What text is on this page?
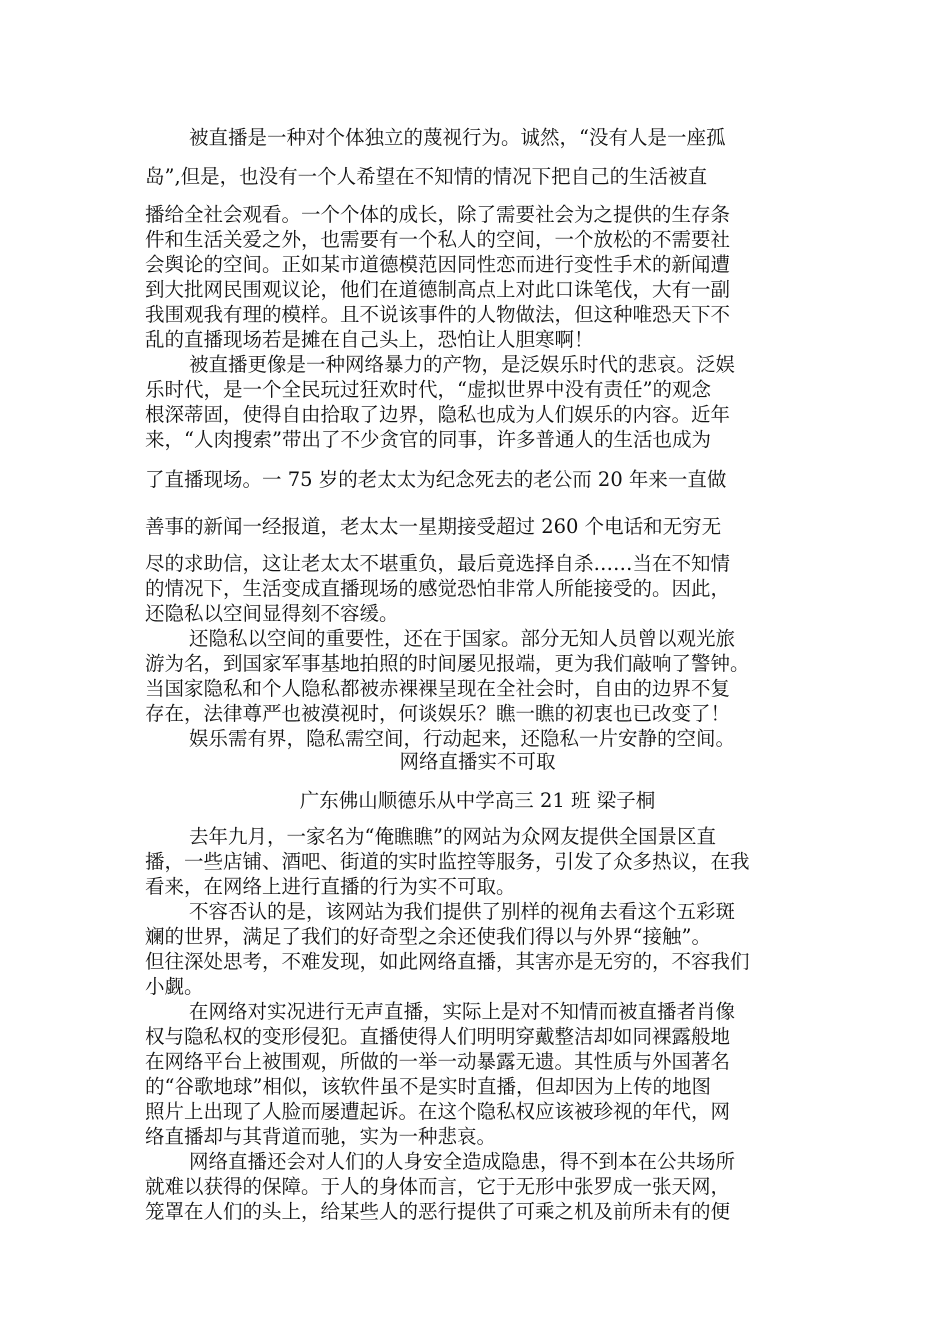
被直播是一种对个体独立的蔑视行为。诚然，“没有人是一座孤
岛”,但是，也没有一个人希望在不知情的情况下把自己的生活被直
播给全社会观看。一个个体的成长，除了需要社会为之提供的生存条
件和生活关爱之外，也需要有一个私人的空间，一个放松的不需要社
会舆论的空间。正如某市道德模范因同性恋而进行变性手术的新闻遭
到大批网民围观议论，他们在道德制高点上对此口诛笔伐，大有一副
我围观我有理的模样。且不说该事件的人物做法，但这种唯恐天下不
乱的直播现场若是摊在自己头上，恐怕让人胆寒啊！
被直播更像是一种网络暴力的产物，是泛娱乐时代的悲哀。泛娱
乐时代，是一个全民玩过狂欢时代，“虚拟世界中没有责任”的观念
根深蒂固，使得自由拾取了边界，隐私也成为人们娱乐的内容。近年
来，“人肉搜索”带出了不少贪官的同事，许多普通人的生活也成为
了直播现场。一 75 岁的老太太为纪念死去的老公而 20 年来一直做
善事的新闻一经报道，老太太一星期接受超过 260 个电话和无穷无
尽的求助信，这让老太太不堪重负，最后竟选择自杀……当在不知情
的情况下，生活变成直播现场的感觉恐怕非常人所能接受的。因此，
还隐私以空间显得刻不容缓。
还隐私以空间的重要性，还在于国家。部分无知人员曾以观光旅
游为名，到国家军事基地拍照的时间屡见报端，更为我们敲响了警钟。
当国家隐私和个人隐私都被赤裸裸呈现在全社会时，自由的边界不复
存在，法律尊严也被漠视时，何谈娱乐？瞧一瞧的初衷也已改变了！
娱乐需有界，隐私需空间，行动起来，还隐私一片安静的空间。
网络直播实不可取
广东佛山顺德乐从中学高三 21 班 梁子桐
去年九月，一家名为“俺瞧瞧”的网站为众网友提供全国景区直
播，一些店铺、酒吧、街道的实时监控等服务，引发了众多热议，在我
看来，在网络上进行直播的行为实不可取。
不容否认的是，该网站为我们提供了别样的视角去看这个五彩斑
斓的世界，满足了我们的好奇型之余还使我们得以与外界“接触”。
但往深处思考，不难发现，如此网络直播，其害亦是无穷的，不容我们
小觑。
在网络对实况进行无声直播，实际上是对不知情而被直播者肖像
权与隐私权的变形侵犯。直播使得人们明明穿戴整洁却如同裸露般地
在网络平台上被围观，所做的一举一动暴露无遗。其性质与外国著名
的“谷歌地球”相似，该软件虽不是实时直播，但却因为上传的地图
照片上出现了人脸而屡遭起诉。在这个隐私权应该被珍视的年代，网
络直播却与其背道而驰，实为一种悲哀。
网络直播还会对人们的人身安全造成隐患，得不到本在公共场所
就难以获得的保障。于人的身体而言，它于无形中张罗成一张天网，
笼罩在人们的头上，给某些人的恶行提供了可乘之机及前所未有的便
